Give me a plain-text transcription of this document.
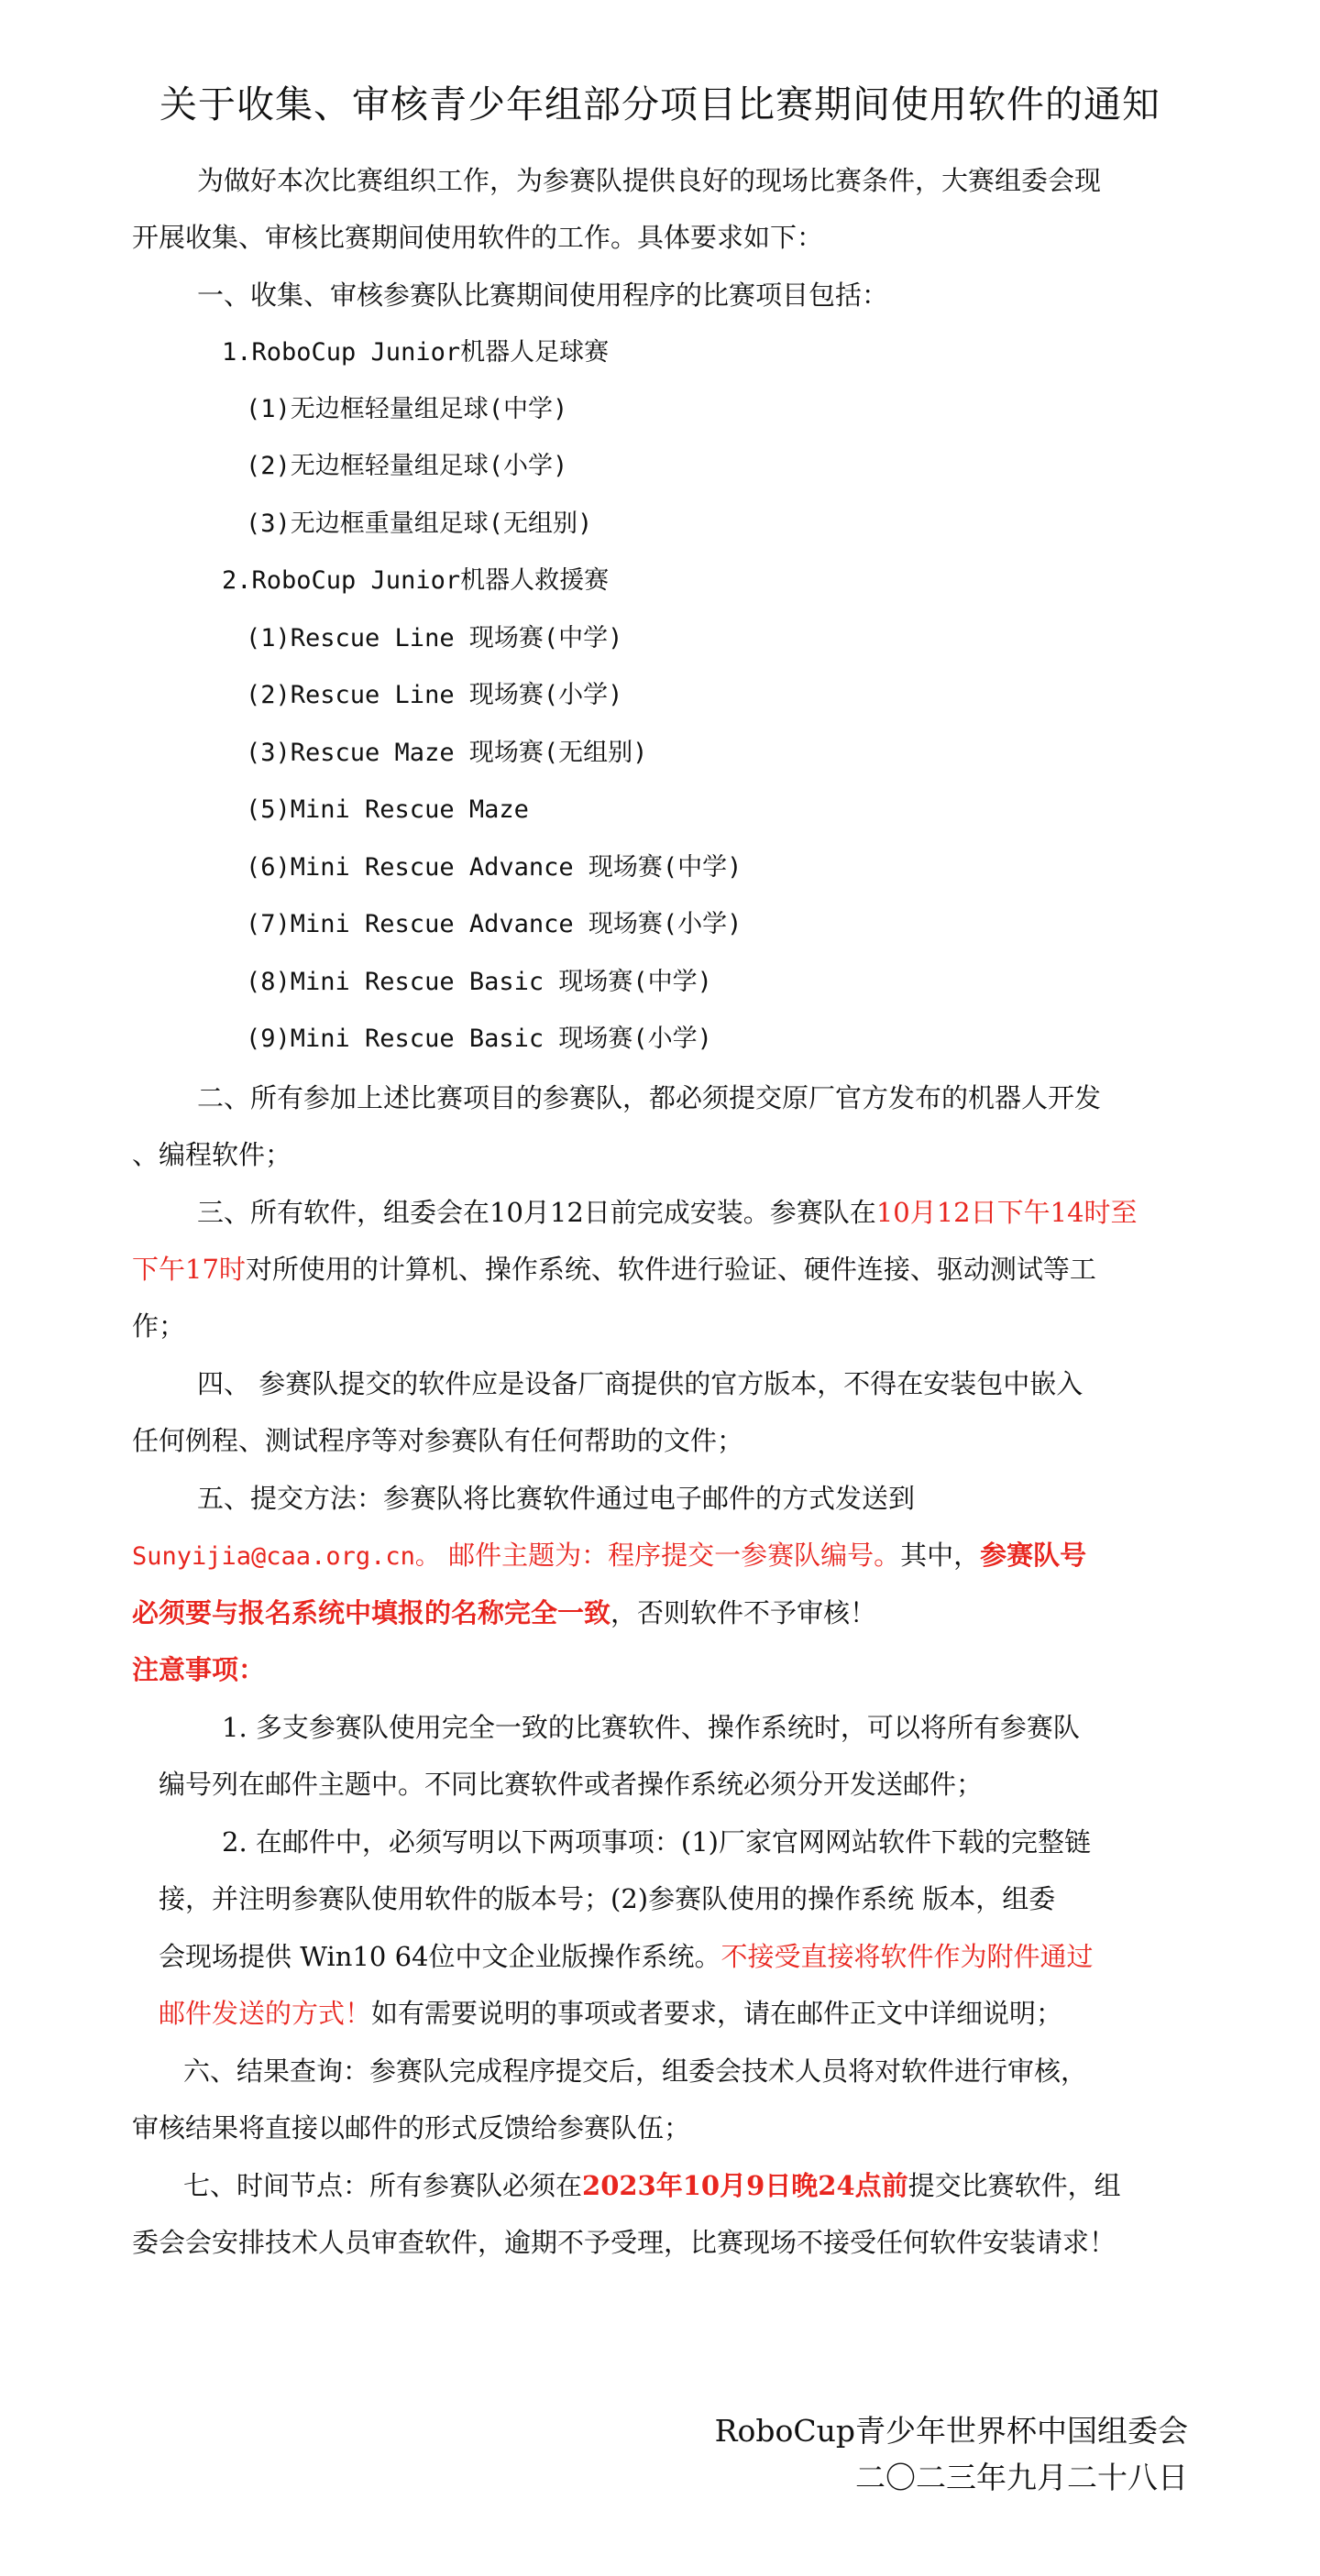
关于收集、审核青少年组部分项目比赛期间使用软件的通知

为做好本次比赛组织工作，为参赛队提供良好的现场比赛条件，大赛组委会现

开展收集、审核比赛期间使用软件的工作。具体要求如下：

一、收集、审核参赛队比赛期间使用程序的比赛项目包括：

1.RoboCup Junior机器人足球赛

(1)无边框轻量组足球(中学)

(2)无边框轻量组足球(小学)

(3)无边框重量组足球(无组别)

2.RoboCup Junior机器人救援赛

(1)Rescue Line 现场赛(中学)

(2)Rescue Line 现场赛(小学)

(3)Rescue Maze 现场赛(无组别)

(5)Mini Rescue Maze

(6)Mini Rescue Advance 现场赛(中学)

(7)Mini Rescue Advance 现场赛(小学)

(8)Mini Rescue Basic 现场赛(中学)

(9)Mini Rescue Basic 现场赛(小学)

二、所有参加上述比赛项目的参赛队，都必须提交原厂官方发布的机器人开发

、编程软件；

三、所有软件，组委会在10月12日前完成安装。参赛队在10月12日下午14时至

下午17时对所使用的计算机、操作系统、软件进行验证、硬件连接、驱动测试等工

作；

四、 参赛队提交的软件应是设备厂商提供的官方版本，不得在安装包中嵌入

任何例程、测试程序等对参赛队有任何帮助的文件；

五、提交方法：参赛队将比赛软件通过电子邮件的方式发送到

Sunyijia@caa.org.cn。 邮件主题为：程序提交一参赛队编号。其中，参赛队号

必须要与报名系统中填报的名称完全一致，否则软件不予审核！

注意事项：

1. 多支参赛队使用完全一致的比赛软件、操作系统时，可以将所有参赛队

编号列在邮件主题中。不同比赛软件或者操作系统必须分开发送邮件；

2. 在邮件中，必须写明以下两项事项：(1)厂家官网网站软件下载的完整链

接，并注明参赛队使用软件的版本号；(2)参赛队使用的操作系统 版本，组委

会现场提供 Win10 64位中文企业版操作系统。不接受直接将软件作为附件通过

邮件发送的方式！如有需要说明的事项或者要求，请在邮件正文中详细说明；

六、结果查询：参赛队完成程序提交后，组委会技术人员将对软件进行审核，

审核结果将直接以邮件的形式反馈给参赛队伍；

七、时间节点：所有参赛队必须在2023年10月9日晚24点前提交比赛软件，组

委会会安排技术人员审查软件，逾期不予受理，比赛现场不接受任何软件安装请求！

RoboCup青少年世界杯中国组委会
二〇二三年九月二十八日
